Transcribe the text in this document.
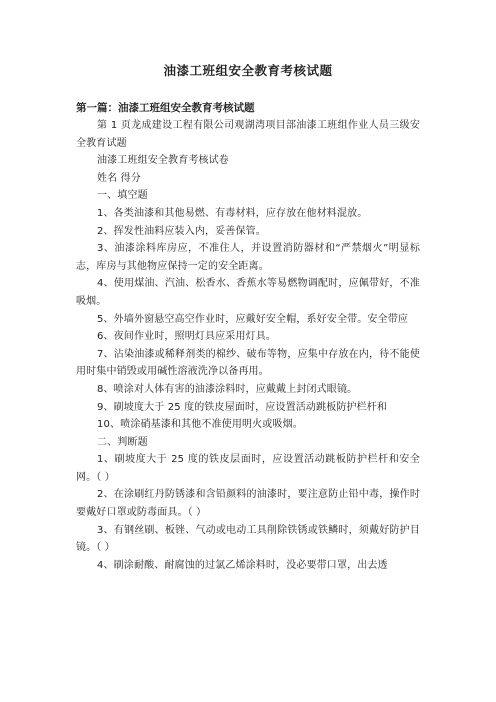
油漆工班组安全教育考核试题

第一篇：油漆工班组安全教育考核试题

第 1 页龙成建设工程有限公司观湖湾项目部油漆工班组作业人员三级安全教育试题

油漆工班组安全教育考核试卷

姓名 得分

一、填空题

1、各类油漆和其他易燃、有毒材料，应存放在他材料混放。

2、挥发性油料应装入内，妥善保管。

3、油漆涂料库房应，不准住人，并设置消防器材和“严禁烟火”明显标志，库房与其他物应保持一定的安全距离。

4、使用煤油、汽油、松香水、香蕉水等易燃物调配时，应佩带好，不准吸烟。

5、外墙外窗悬空高空作业时，应戴好安全帽，系好安全带。安全带应

6、夜间作业时，照明灯具应采用灯具。

7、沾染油漆或稀释剂类的棉纱、破布等物，应集中存放在内，待不能使用时集中销毁或用碱性溶液洗净以备再用。

8、喷涂对人体有害的油漆涂料时，应戴戴上封闭式眼镜。

9、刷坡度大于 25 度的铁皮屋面时，应设置活动跳板防护栏杆和

10、喷涂硝基漆和其他不准使用明火或吸烟。

二、判断题

1、刷坡度大于 25 度的铁皮层面时，应设置活动跳板防护栏杆和安全网。（ ）

2、在涂刷红丹防锈漆和含铅颜料的油漆时，要注意防止铅中毒，操作时要戴好口罩或防毒面具。（ ）

3、有钢丝刷、板锉、气动或电动工具削除铁锈或铁鳞时，须戴好防护目镜。（ ）

4、刷涂耐酸、耐腐蚀的过氯乙烯涂料时，没必要带口罩，出去透
